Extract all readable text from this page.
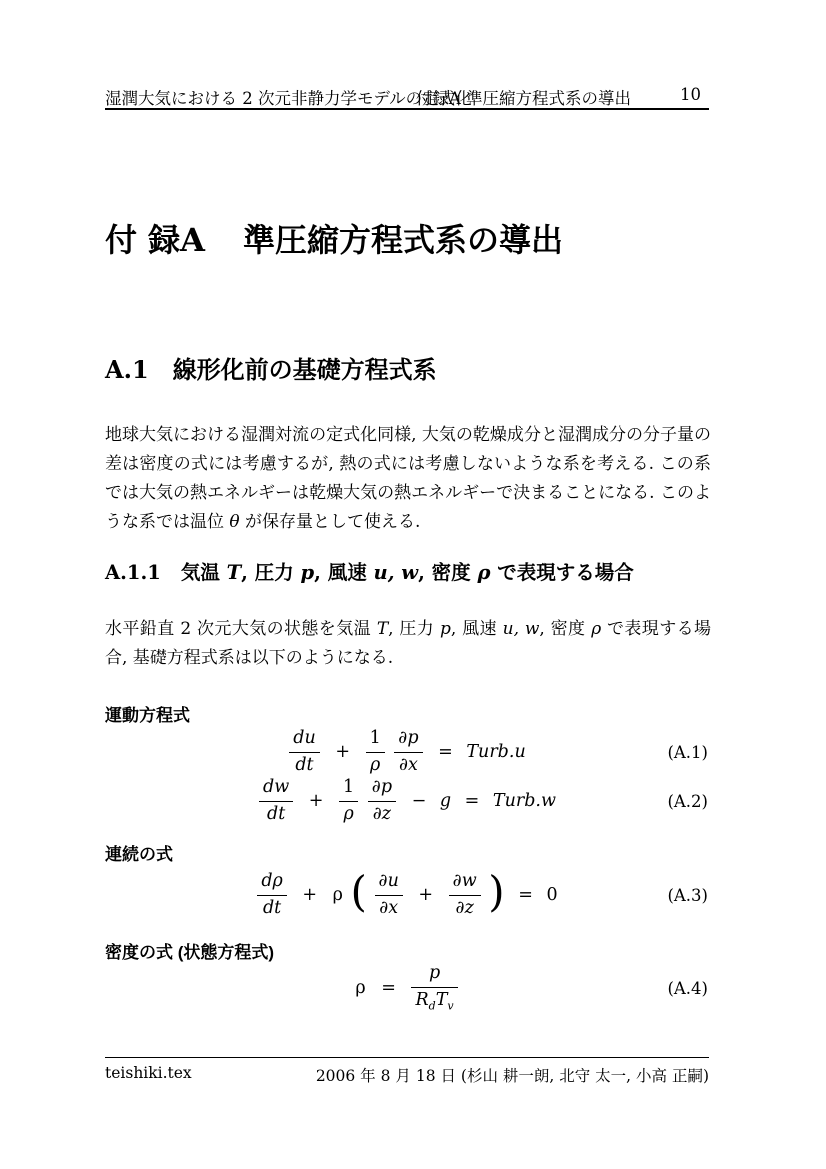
湿潤大気における 2 次元非静力学モデルの定式化
付録A 準圧縮方程式系の導出	10
付 録A 準圧縮方程式系の導出
A.1 線形化前の基礎方程式系

地球大気における湿潤対流の定式化同様, 大気の乾燥成分と湿潤成分の分子量の差は密度の式には考慮するが, 熱の式には考慮しないような系を考える. この系では大気の熱エネルギーは乾燥大気の熱エネルギーで決まることになる. このような系では温位 θ が保存量として使える.

A.1.1 気温 T, 圧力 p, 風速 u, w, 密度 ρ で表現する場合

水平鉛直 2 次元大気の状態を気温 T, 圧力 p, 風速 u, w, 密度 ρ で表現する場合, 基礎方程式系は以下のようになる.

運動方程式
$\frac{du}{dt} + \frac{1}{\rho}$
$\frac{\partial p}{\partial x}$ = Turb.u	(A.1)
$\frac{dw}{dt} + \frac{1}{\rho}$
$\frac{\partial p}{\partial z} - g$ = Turb.w	(A.2)
連続の式
$\frac{d\rho}{dt} + \rho$ ( $\frac{\partial u}{\partial x} + \frac{\partial w}{\partial z}$ ) = 0	(A.3)
密度の式 (状態方程式)
$\rho = \frac{p}{R_dT_v}$	(A.4)
teishiki.tex	2006 年 8 月 18 日 (杉山 耕一朗, 北守 太一, 小高 正嗣)
